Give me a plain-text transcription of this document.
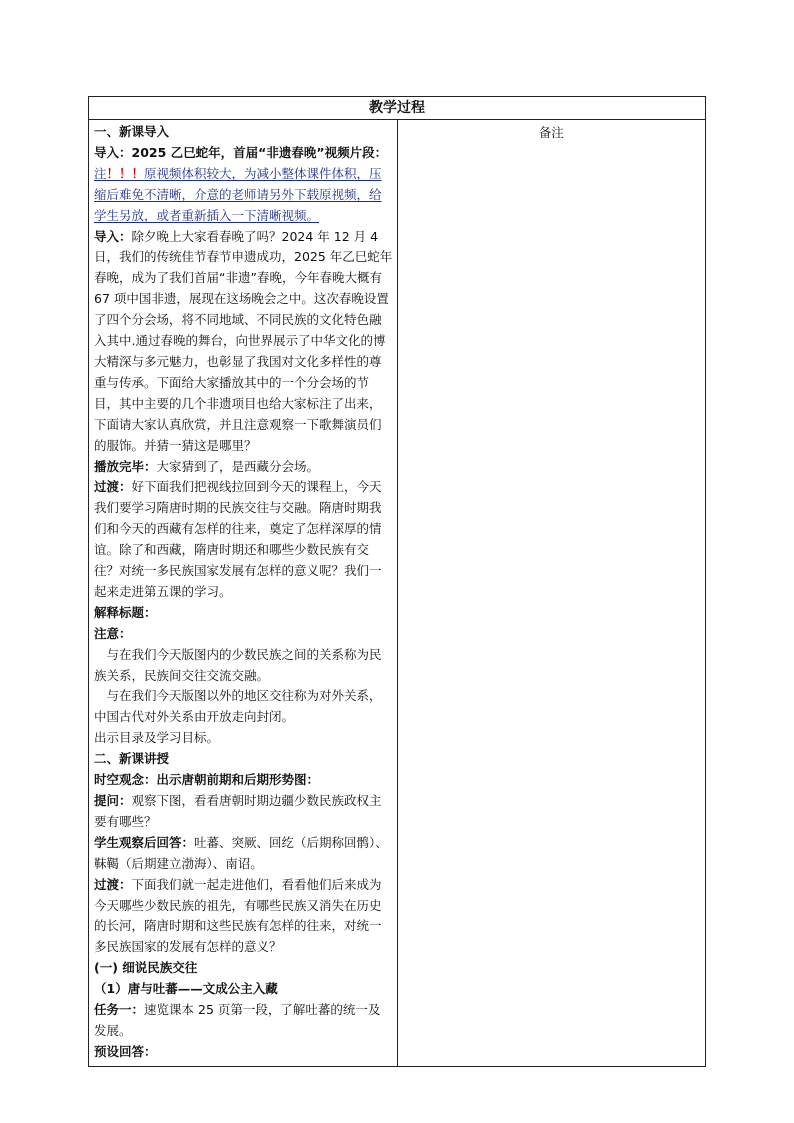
教学过程

一、新课导入

导入：2025 乙巳蛇年，首届“非遗春晚”视频片段：

注！！！原视频体积较大，为减小整体课件体积，压缩后难免不清晰，介意的老师请另外下载原视频，给学生另放，或者重新插入一下清晰视频。

导入：除夕晚上大家看春晚了吗？2024 年 12 月 4 日，我们的传统佳节春节申遗成功，2025 年乙巳蛇年春晚，成为了我们首届“非遗”春晚，今年春晚大概有 67 项中国非遗，展现在这场晚会之中。这次春晚设置了四个分会场，将不同地域、不同民族的文化特色融入其中.通过春晚的舞台，向世界展示了中华文化的博大精深与多元魅力，也彰显了我国对文化多样性的尊重与传承。下面给大家播放其中的一个分会场的节目，其中主要的几个非遗项目也给大家标注了出来，下面请大家认真欣赏，并且注意观察一下歌舞演员们的服饰。并猜一猜这是哪里？

播放完毕：大家猜到了，是西藏分会场。

过渡：好下面我们把视线拉回到今天的课程上，今天我们要学习隋唐时期的民族交往与交融。隋唐时期我们和今天的西藏有怎样的往来，奠定了怎样深厚的情谊。除了和西藏，隋唐时期还和哪些少数民族有交往？对统一多民族国家发展有怎样的意义呢？我们一起来走进第五课的学习。

解释标题：

注意：

与在我们今天版图内的少数民族之间的关系称为民族关系，民族间交往交流交融。

与在我们今天版图以外的地区交往称为对外关系，中国古代对外关系由开放走向封闭。

出示目录及学习目标。

二、新课讲授

时空观念：出示唐朝前期和后期形势图：

提问：观察下图，看看唐朝时期边疆少数民族政权主要有哪些？

学生观察后回答：吐蕃、突厥、回纥（后期称回鹘）、靺鞨（后期建立渤海）、南诏。

过渡：下面我们就一起走进他们，看看他们后来成为今天哪些少数民族的祖先，有哪些民族又消失在历史的长河，隋唐时期和这些民族有怎样的往来，对统一多民族国家的发展有怎样的意义？

(一) 细说民族交往

（1）唐与吐蕃——文成公主入藏

任务一：速览课本 25 页第一段，了解吐蕃的统一及发展。

预设回答：

	备注
